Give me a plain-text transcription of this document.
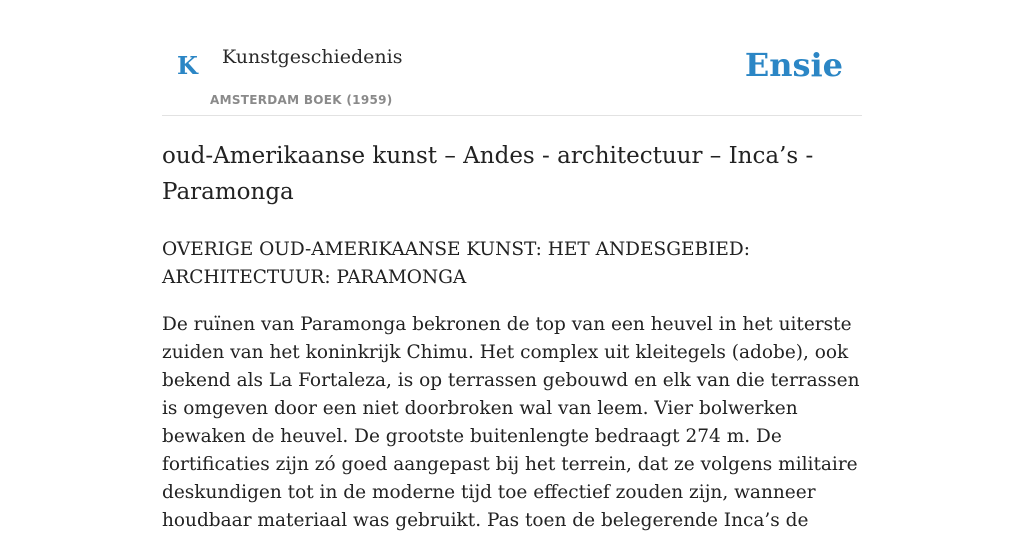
K Kunstgeschiedenis
AMSTERDAM BOEK (1959)
Ensie
oud-Amerikaanse kunst – Andes - architectuur – Inca’s - Paramonga

OVERIGE OUD-AMERIKAANSE KUNST: HET ANDESGEBIED: ARCHITECTUUR: PARAMONGA

De ruïnen van Paramonga bekronen de top van een heuvel in het uiterste zuiden van het koninkrijk Chimu. Het complex uit kleitegels (adobe), ook bekend als La Fortaleza, is op terrassen gebouwd en elk van die terrassen is omgeven door een niet doorbroken wal van leem. Vier bolwerken bewaken de heuvel. De grootste buitenlengte bedraagt 274 m. De fortificaties zijn zó goed aangepast bij het terrein, dat ze volgens militaire deskundigen tot in de moderne tijd toe effectief zouden zijn, wanneer houdbaar materiaal was gebruikt. Pas toen de belegerende Inca’s de
